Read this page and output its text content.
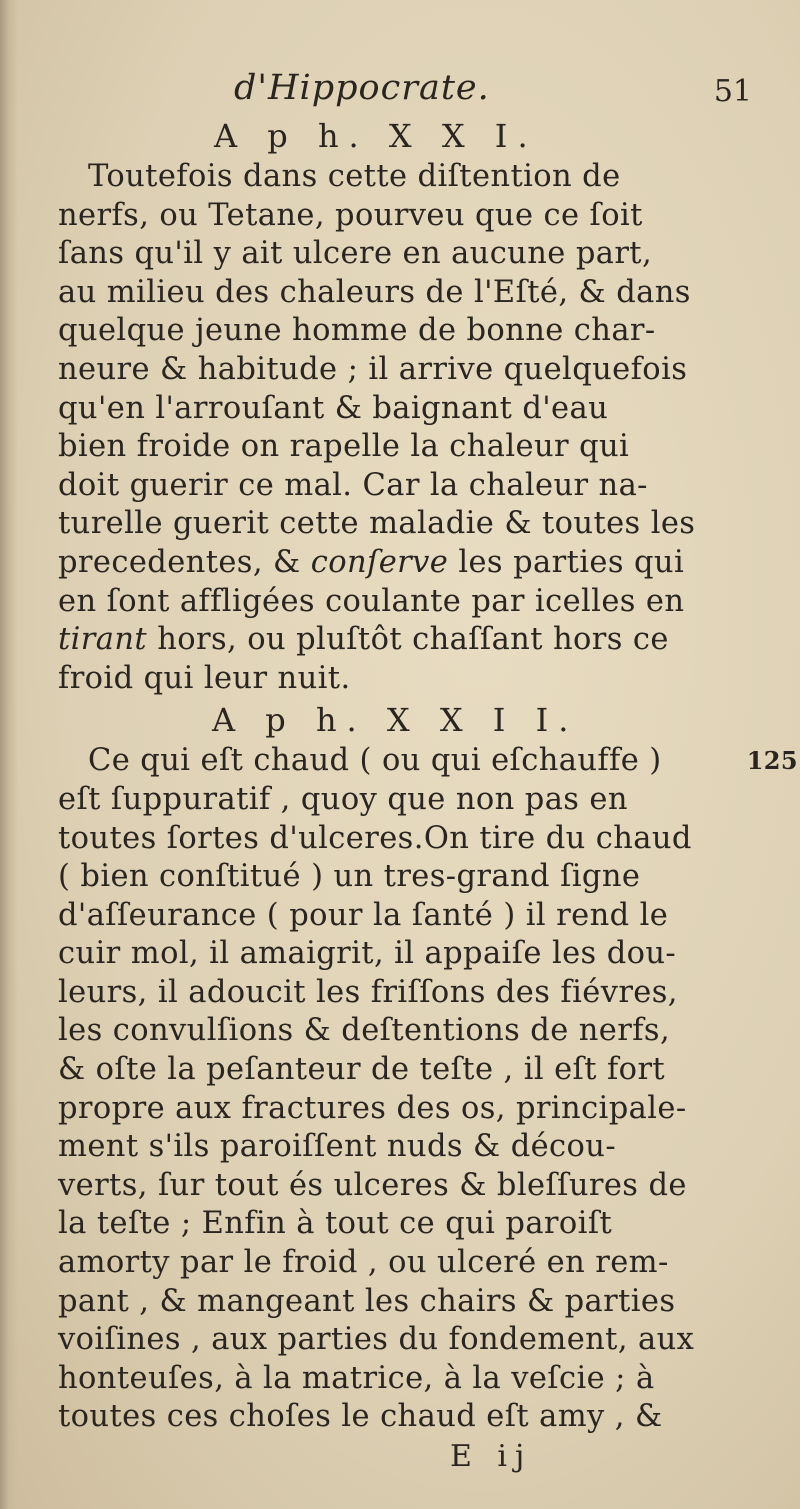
d'Hippocrate.	51
A p h. X X I.
Toutefois dans cette diſtention de
nerfs, ou Tetane, pourveu que ce ſoit
ſans qu'il y ait ulcere en aucune part,
au milieu des chaleurs de l'Eſté, & dans
quelque jeune homme de bonne char-
neure & habitude ; il arrive quelquefois
qu'en l'arrouſant & baignant d'eau
bien froide on rapelle la chaleur qui
doit guerir ce mal. Car la chaleur na-
turelle guerit cette maladie & toutes les
precedentes, & conſerve les parties qui
en ſont affligées coulante par icelles en
tirant hors, ou pluſtôt chaſſant hors ce
froid qui leur nuit.
A p h. X X I I.
Ce qui eſt chaud ( ou qui eſchauffe )	125
eſt ſuppuratif , quoy que non pas en
toutes ſortes d'ulceres.On tire du chaud
( bien conſtitué ) un tres-grand ſigne
d'aſſeurance ( pour la ſanté ) il rend le
cuir mol, il amaigrit, il appaiſe les dou-
leurs, il adoucit les friſſons des fiévres,
les convulſions & deſtentions de nerfs,
& oſte la peſanteur de teſte , il eſt fort
propre aux fractures des os, principale-
ment s'ils paroiſſent nuds & décou-
verts, ſur tout és ulceres & bleſſures de
la teſte ; Enfin à tout ce qui paroiſt
amorty par le froid , ou ulceré en rem-
pant , & mangeant les chairs & parties
voiſines , aux parties du fondement, aux
honteuſes, à la matrice, à la veſcie ; à
toutes ces choſes le chaud eſt amy , &
E ij
